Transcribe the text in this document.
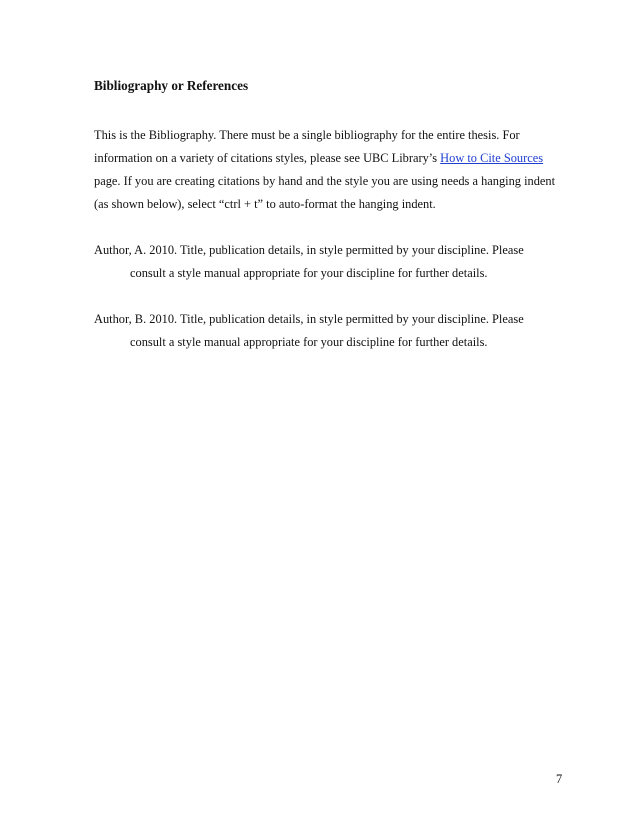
Bibliography or References
This is the Bibliography. There must be a single bibliography for the entire thesis. For
information on a variety of citations styles, please see UBC Library’s How to Cite Sources
page. If you are creating citations by hand and the style you are using needs a hanging indent
(as shown below), select “ctrl + t” to auto-format the hanging indent.
Author, A. 2010. Title, publication details, in style permitted by your discipline. Please
consult a style manual appropriate for your discipline for further details.
Author, B. 2010. Title, publication details, in style permitted by your discipline. Please
consult a style manual appropriate for your discipline for further details.
7
